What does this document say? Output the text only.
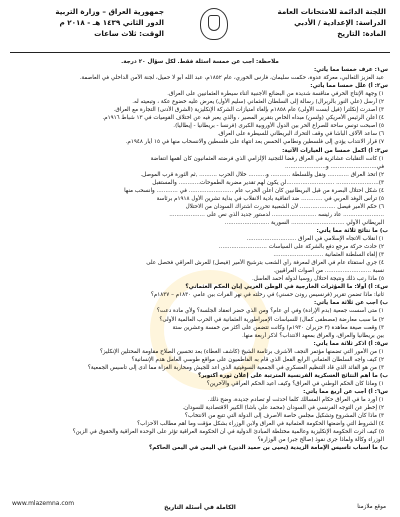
اللجنة الدائمة للامتحانات العامة
الدراسة: الإعدادية / الأدبي
المادة: التاريخ
جمهورية العراق – وزارة التربية
الدور الثاني ١٤٣٩ هـ - ٢٠١٨ م
الوقت: ثلاث ساعات

ملاحظة: أجب عن خمسة أسئلة فقط. لكل سؤال ٢٠ درجة.

س١: عرف خمسا مما يأتي:

عبد العزيز الثعالبي، معركة عدوة، حكمت سليمان، فارس الخوري، عام ١٨٥٢م، عبد الله أبو لا حميل، لجنة الأمن الداخلي في العاصمة.

س٢: أ) علل خمسا مما يأتي:

١) وجهة الإنتاج الحرفي مناقسة شديدة من البضائع الأجنبية أثناء سيطرة العثمانيين على العراق.

٢) أرسل (علي النور بالربرال) رسالة إلى السلطان العثماني (سليم الأول) يعرض عليه خضوع عكة ، وتبعيته له.

٣) أصدرت إنكلترا (فيل أبست الأولى) عام ١٨٥٨م بإلغاء امتيازات الشركة الإنكليزية (الشرق الأدنى) التجارة مع العراق.

٤) أعلن الرئيس الأمريكي (ولسن) مبدأه الخاص بتقرير المصير ، والذي يعبر فيه عن اختلاف القوميات في ١٣ شباط ١٩١٦م.

٥) أصبحت تونس ساحة للصراع الحر بين الدول الأوروبية الكبرى (فرنسا - بريطانيا - إيطاليا).

٦) ساعد الآلاف الباشا في وقف التحرك البريطاني للسيطرة على العراق.

٧) قرار الانتداب يؤدي إلى فلسطين ونطامي الخمس بعد انتهاء على فلسطين والانسحاب منها في ١٥ أيار ١٩٤٨م.

س٣: أ) أكمل خمسا من العبارات الآتية:

١) كانت التقلبات عشائرية في العراق رفضا للتجنيد الإلزامي الذي فرضته العثمانيون كان أهمها انتفاضة

في.......................... و.......................

٢) اتخذ العراق ............ ونقل وللسلطة ........... و.......... خلال الحرب .......... ,ثم الثورة قرب الموصل.

٣)........................ ...........................لن يكون لهم تقدير مضربة الطموحات............ والمستقبل

٤) شكل احتلال البصرة من قبل البريطانيين كان أعلن الحرب عام ......................... في ............ وانسحب منها

٥) ترأس الوفد العربي في ............ ضد اتفاقية بادية الانقلاب في بداية تشرين الأول ١٩١٨م برئاسة

٦) حكم الأمير فيصل .................... لأن الشعبية تحررت اشتراك السودان من الاحتلال

....................... عاد رئيسه ......................... لدستور جديد الذي نص على ....................

البريطاني الأولي .............................. السورية .........................

ب) ما نتائج ثلاثة مما يأتي:

١) انقلاب الاتجاه الإسلامي في العراق ............................

٢) حادث حركة مرجع دفع بالشركة على السياسات ...........................

٣) إلغاء السلطنة العثمانية ............................

٤) جري استفتاء عام في العراق لمعرفة رأي الشعب بترشيح الأمير (فيصل) للعرش العراقي فحصل على

نسبة .......................... من أصوات العراقيين.

٥) ماذا رتب ذلك ونتيجة احتلال روسيا لدولة أحمد العاسل.

س٤: أ) أولا: ما المؤثرات الخارجية في الوطن العربي إبان الحكم العثماني؟

ثانيا: ماذا تضمن تقرير (فرنسيس رودن حسني) في رحلته في نهر الفرات بين عامي ١٨٣٠م – ١٨٣٧م؟

ب) أجب عن ثلاثة مما يأتي:

١) متى أسست جمعية (بدم الإرادة) وفي أي عام؟ ومن الذي حضر انعقاد الجلسة؟ ولأي مادة دعت؟

٢) ما سبب معارضة (مصطفى كمال) للسياسات الإمبراطورية العثمانية في الحرب العالمية الأولى؟

٣) وقعت صيغة معاهدة (٣ حزيران ١٩٣٠م) وكانت تتضمن على أكثر من خمسة وعشرين ستة

بين بريطانيا والعراق، والعراق بمعهد الانتداب؟ اذكر أربعة منها.

س٥: أ) اذكر ثلاثة مما يأتي:

١) من الأمور التي تضمنها مؤتمر النجف الأشرف برئاسة الشيخ (كاشف الغطاء) بعد تحسين الصلاح مقاومة المحتلين الإنكليز؟

٢) كيف واجه السلطان العثماني الرابع الفعل الذي قام به الفاطميون على مواقع طوسي العامل هدم الإنسانية؟

٣) من هو القائد الذي قاد التنظيم العسكري في الجمعية السوفيتية الذي أعد للجيش ومحاربة الغزاة مما أدى إلى تأسيس الجمعية؟

ب) ما أهم النتائج العسكرية الفرنسية المترتبة على إعلان ثورة أكتوبر؟

١) وماذا كان الحكم الوطني في العراق؟ وكيف أعيد الحكم العراقي والآخرين؟

س٦: أ) أجب عن أربع مما يأتي:

١) أورد ما في العراق حكام المسالك كلما أحدثت أو تصادم جديدة، وضح ذلك.

٢) إخطر عن التوجه الفرنسي في السودان (محمد علي باشا) الكبير الاقتصادية للسودان.

٣) ماذا كان المشروع وتشكيل مجلس خاصة الأصرف إلى الدولة التي تتبع من الانتخاب؟

٤) الشروط التي واضعتها الحكومة العثمانية في العراق ولابن الوزراء بشكل مؤقت وما أهم مطالب الأحزاب؟

٥) كيف أثرت الحكومة الإنكليزية وعالمية مختلطة المبادئ الدولية في أن الحكومة العراقية تؤثر على الوحدة العراقية والحقوق في الزين؟

الوزراء وكالة ولماذا جرى نفوذ (صالح جبر) من الوزارة؟

ب) ما أسباب تأسيس الإمامة الزيدية (يحيى بن حميد الدين) في اليمن في اليمن الحاكم؟

www.mlazemna.com
الكاملة في أسئلة التاريخ	موقع ملازمنا
